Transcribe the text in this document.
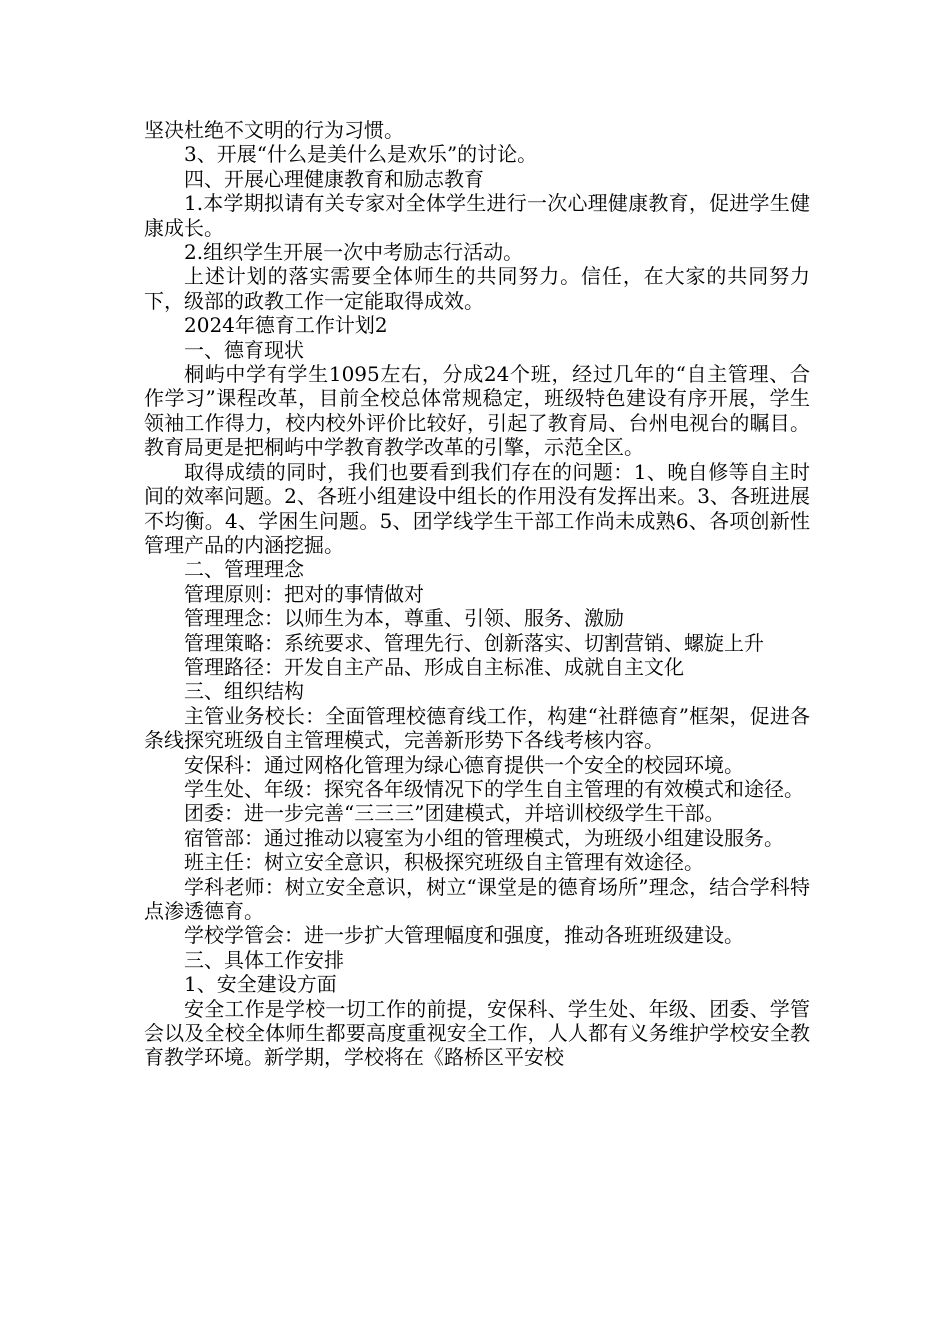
坚决杜绝不文明的行为习惯。

3、开展“什么是美什么是欢乐”的讨论。

四、开展心理健康教育和励志教育

1.本学期拟请有关专家对全体学生进行一次心理健康教育，促进学生健康成长。

2.组织学生开展一次中考励志行活动。

上述计划的落实需要全体师生的共同努力。信任，在大家的共同努力下，级部的政教工作一定能取得成效。

2024年德育工作计划2

一、德育现状

桐屿中学有学生1095左右，分成24个班，经过几年的“自主管理、合作学习”课程改革，目前全校总体常规稳定，班级特色建设有序开展，学生领袖工作得力，校内校外评价比较好，引起了教育局、台州电视台的瞩目。教育局更是把桐屿中学教育教学改革的引擎，示范全区。

取得成绩的同时，我们也要看到我们存在的问题：1、晚自修等自主时间的效率问题。2、各班小组建设中组长的作用没有发挥出来。3、各班进展不均衡。4、学困生问题。5、团学线学生干部工作尚未成熟6、各项创新性管理产品的内涵挖掘。

二、管理理念

管理原则：把对的事情做对

管理理念：以师生为本，尊重、引领、服务、激励

管理策略：系统要求、管理先行、创新落实、切割营销、螺旋上升

管理路径：开发自主产品、形成自主标准、成就自主文化

三、组织结构

主管业务校长：全面管理校德育线工作，构建“社群德育”框架，促进各条线探究班级自主管理模式，完善新形势下各线考核内容。

安保科：通过网格化管理为绿心德育提供一个安全的校园环境。

学生处、年级：探究各年级情况下的学生自主管理的有效模式和途径。

团委：进一步完善“三三三”团建模式，并培训校级学生干部。

宿管部：通过推动以寝室为小组的管理模式，为班级小组建设服务。

班主任：树立安全意识，积极探究班级自主管理有效途径。

学科老师：树立安全意识，树立“课堂是的德育场所”理念，结合学科特点渗透德育。

学校学管会：进一步扩大管理幅度和强度，推动各班班级建设。

三、具体工作安排

1、安全建设方面

安全工作是学校一切工作的前提，安保科、学生处、年级、团委、学管会以及全校全体师生都要高度重视安全工作，人人都有义务维护学校安全教育教学环境。新学期，学校将在《路桥区平安校
